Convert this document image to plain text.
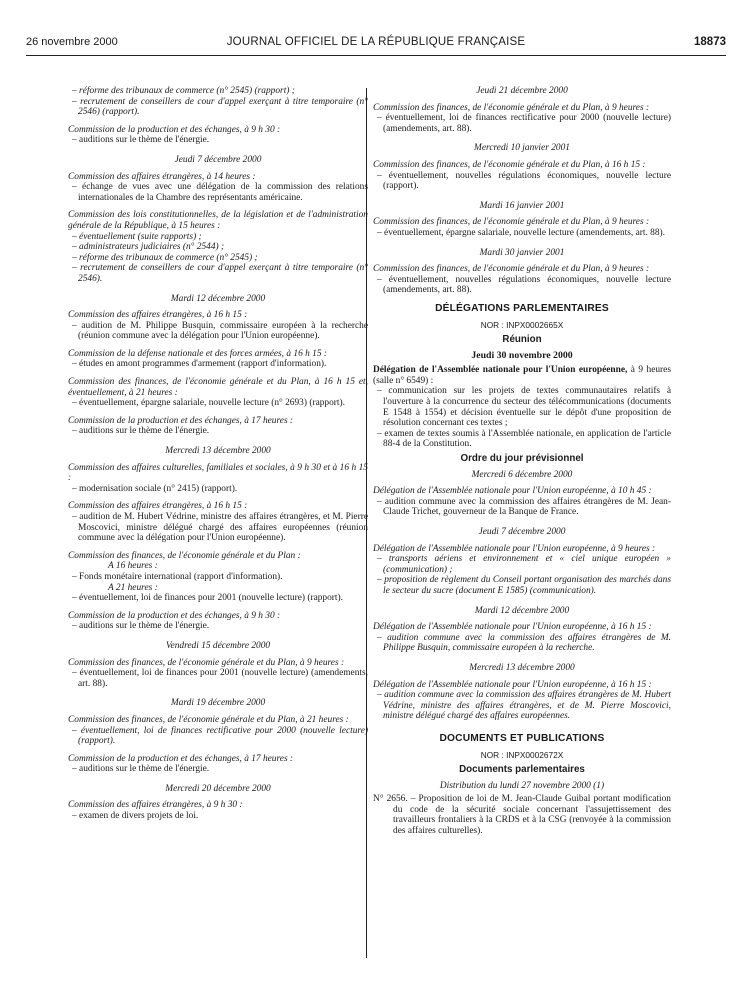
26 novembre 2000	JOURNAL OFFICIEL DE LA RÉPUBLIQUE FRANÇAISE	18873
– réforme des tribunaux de commerce (n° 2545) (rapport) ;
– recrutement de conseillers de cour d'appel exerçant à titre temporaire (n° 2546) (rapport).
Commission de la production et des échanges, à 9 h 30 :
– auditions sur le thème de l'énergie.
Jeudi 7 décembre 2000
Commission des affaires étrangères, à 14 heures :
– échange de vues avec une délégation de la commission des relations internationales de la Chambre des représentants américaine.
Commission des lois constitutionnelles, de la législation et de l'administration générale de la République, à 15 heures :
– éventuellement (suite rapports) ;
– administrateurs judiciaires (n° 2544) ;
– réforme des tribunaux de commerce (n° 2545) ;
– recrutement de conseillers de cour d'appel exerçant à titre temporaire (n° 2546).
Mardi 12 décembre 2000
Commission des affaires étrangères, à 16 h 15 :
– audition de M. Philippe Busquin, commissaire européen à la recherche (réunion commune avec la délégation pour l'Union européenne).
Commission de la défense nationale et des forces armées, à 16 h 15 :
– études en amont programmes d'armement (rapport d'information).
Commission des finances, de l'économie générale et du Plan, à 16 h 15 et, éventuellement, à 21 heures :
– éventuellement, épargne salariale, nouvelle lecture (n° 2693) (rapport).
Commission de la production et des échanges, à 17 heures :
– auditions sur le thème de l'énergie.
Mercredi 13 décembre 2000
Commission des affaires culturelles, familiales et sociales, à 9 h 30 et à 16 h 15 :
– modernisation sociale (n° 2415) (rapport).
Commission des affaires étrangères, à 16 h 15 :
– audition de M. Hubert Védrine, ministre des affaires étrangères, et M. Pierre Moscovici, ministre délégué chargé des affaires européennes (réunion commune avec la délégation pour l'Union européenne).
Commission des finances, de l'économie générale et du Plan :
A 16 heures :
– Fonds monétaire international (rapport d'information).
A 21 heures :
– éventuellement, loi de finances pour 2001 (nouvelle lecture) (rapport).
Commission de la production et des échanges, à 9 h 30 :
– auditions sur le thème de l'énergie.
Vendredi 15 décembre 2000
Commission des finances, de l'économie générale et du Plan, à 9 heures :
– éventuellement, loi de finances pour 2001 (nouvelle lecture) (amendements, art. 88).
Mardi 19 décembre 2000
Commission des finances, de l'économie générale et du Plan, à 21 heures :
– éventuellement, loi de finances rectificative pour 2000 (nouvelle lecture) (rapport).
Commission de la production et des échanges, à 17 heures :
– auditions sur le thème de l'énergie.
Mercredi 20 décembre 2000
Commission des affaires étrangères, à 9 h 30 :
– examen de divers projets de loi.
Jeudi 21 décembre 2000
Commission des finances, de l'économie générale et du Plan, à 9 heures :
– éventuellement, loi de finances rectificative pour 2000 (nouvelle lecture) (amendements, art. 88).
Mercredi 10 janvier 2001
Commission des finances, de l'économie générale et du Plan, à 16 h 15 :
– éventuellement, nouvelles régulations économiques, nouvelle lecture (rapport).
Mardi 16 janvier 2001
Commission des finances, de l'économie générale et du Plan, à 9 heures :
– éventuellement, épargne salariale, nouvelle lecture (amendements, art. 88).
Mardi 30 janvier 2001
Commission des finances, de l'économie générale et du Plan, à 9 heures :
– éventuellement, nouvelles régulations économiques, nouvelle lecture (amendements, art. 88).
DÉLÉGATIONS PARLEMENTAIRES
NOR : INPX0002665X
Réunion
Jeudi 30 novembre 2000
Délégation de l'Assemblée nationale pour l'Union européenne, à 9 heures (salle n° 6549) :
– communication sur les projets de textes communautaires relatifs à l'ouverture à la concurrence du secteur des télécommunications (documents E 1548 à 1554) et décision éventuelle sur le dépôt d'une proposition de résolution concernant ces textes ;
– examen de textes soumis à l'Assemblée nationale, en application de l'article 88-4 de la Constitution.
Ordre du jour prévisionnel
Mercredi 6 décembre 2000
Délégation de l'Assemblée nationale pour l'Union européenne, à 10 h 45 :
– audition commune avec la commission des affaires étrangères de M. Jean-Claude Trichet, gouverneur de la Banque de France.
Jeudi 7 décembre 2000
Délégation de l'Assemblée nationale pour l'Union européenne, à 9 heures :
– transports aériens et environnement et « ciel unique européen » (communication) ;
– proposition de règlement du Conseil portant organisation des marchés dans le secteur du sucre (document E 1585) (communication).
Mardi 12 décembre 2000
Délégation de l'Assemblée nationale pour l'Union européenne, à 16 h 15 :
– audition commune avec la commission des affaires étrangères de M. Philippe Busquin, commissaire européen à la recherche.
Mercredi 13 décembre 2000
Délégation de l'Assemblée nationale pour l'Union européenne, à 16 h 15 :
– audition commune avec la commission des affaires étrangères de M. Hubert Védrine, ministre des affaires étrangères, et de M. Pierre Moscovici, ministre délégué chargé des affaires européennes.
DOCUMENTS ET PUBLICATIONS
NOR : INPX0002672X
Documents parlementaires
Distribution du lundi 27 novembre 2000 (1)
N° 2656. – Proposition de loi de M. Jean-Claude Guibal portant modification du code de la sécurité sociale concernant l'assujettissement des travailleurs frontaliers à la CRDS et à la CSG (renvoyée à la commission des affaires culturelles).
